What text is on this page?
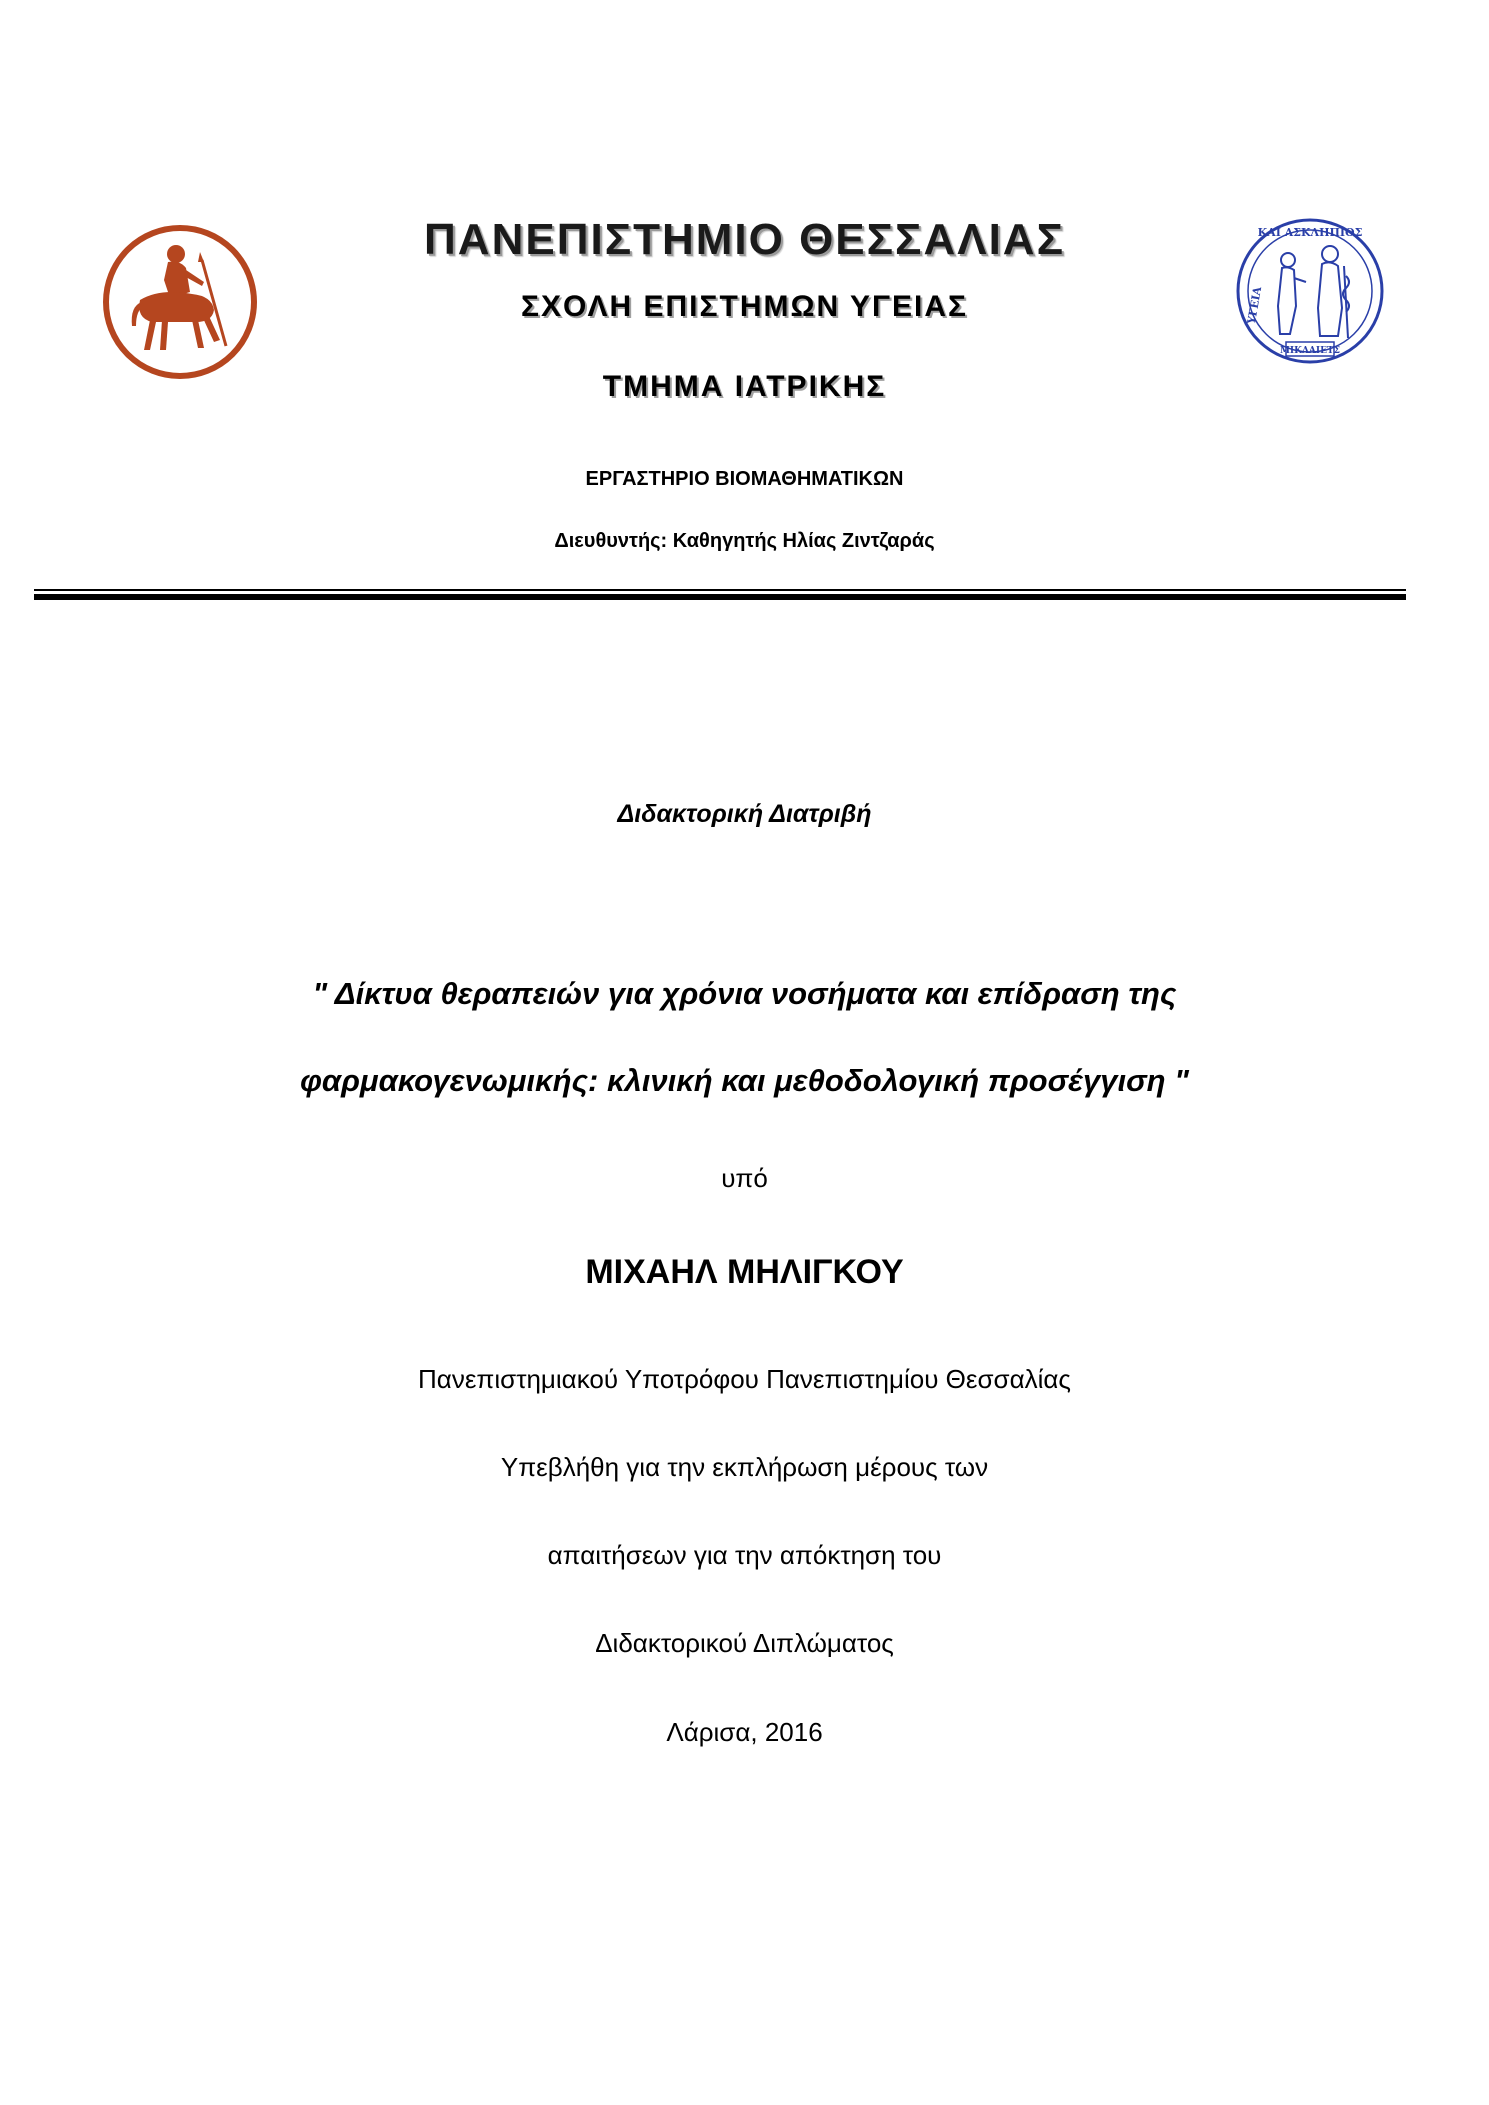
ΚΑΙ ΑΣΚΛΗΠΙΟΣ
ΥΓΕΙΑ
ΜΙΚΛΑΙΕΤΣ
ΠΑΝΕΠΙΣΤΗΜΙΟ ΘΕΣΣΑΛΙΑΣ
ΣΧΟΛΗ ΕΠΙΣΤΗΜΩΝ ΥΓΕΙΑΣ
ΤΜΗΜΑ ΙΑΤΡΙΚΗΣ
ΕΡΓΑΣΤΗΡΙΟ ΒΙΟΜΑΘΗΜΑΤΙΚΩΝ
Διευθυντής: Καθηγητής Ηλίας Ζιντζαράς
Διδακτορική Διατριβή
" Δίκτυα θεραπειών για χρόνια νοσήματα και επίδραση της
φαρμακογενωμικής: κλινική και μεθοδολογική προσέγγιση "
υπό
ΜΙΧΑΗΛ ΜΗΛΙΓΚΟΥ
Πανεπιστημιακού Υποτρόφου Πανεπιστημίου Θεσσαλίας
Υπεβλήθη για την εκπλήρωση μέρους των
απαιτήσεων για την απόκτηση του
Διδακτορικού Διπλώματος
Λάρισα, 2016
